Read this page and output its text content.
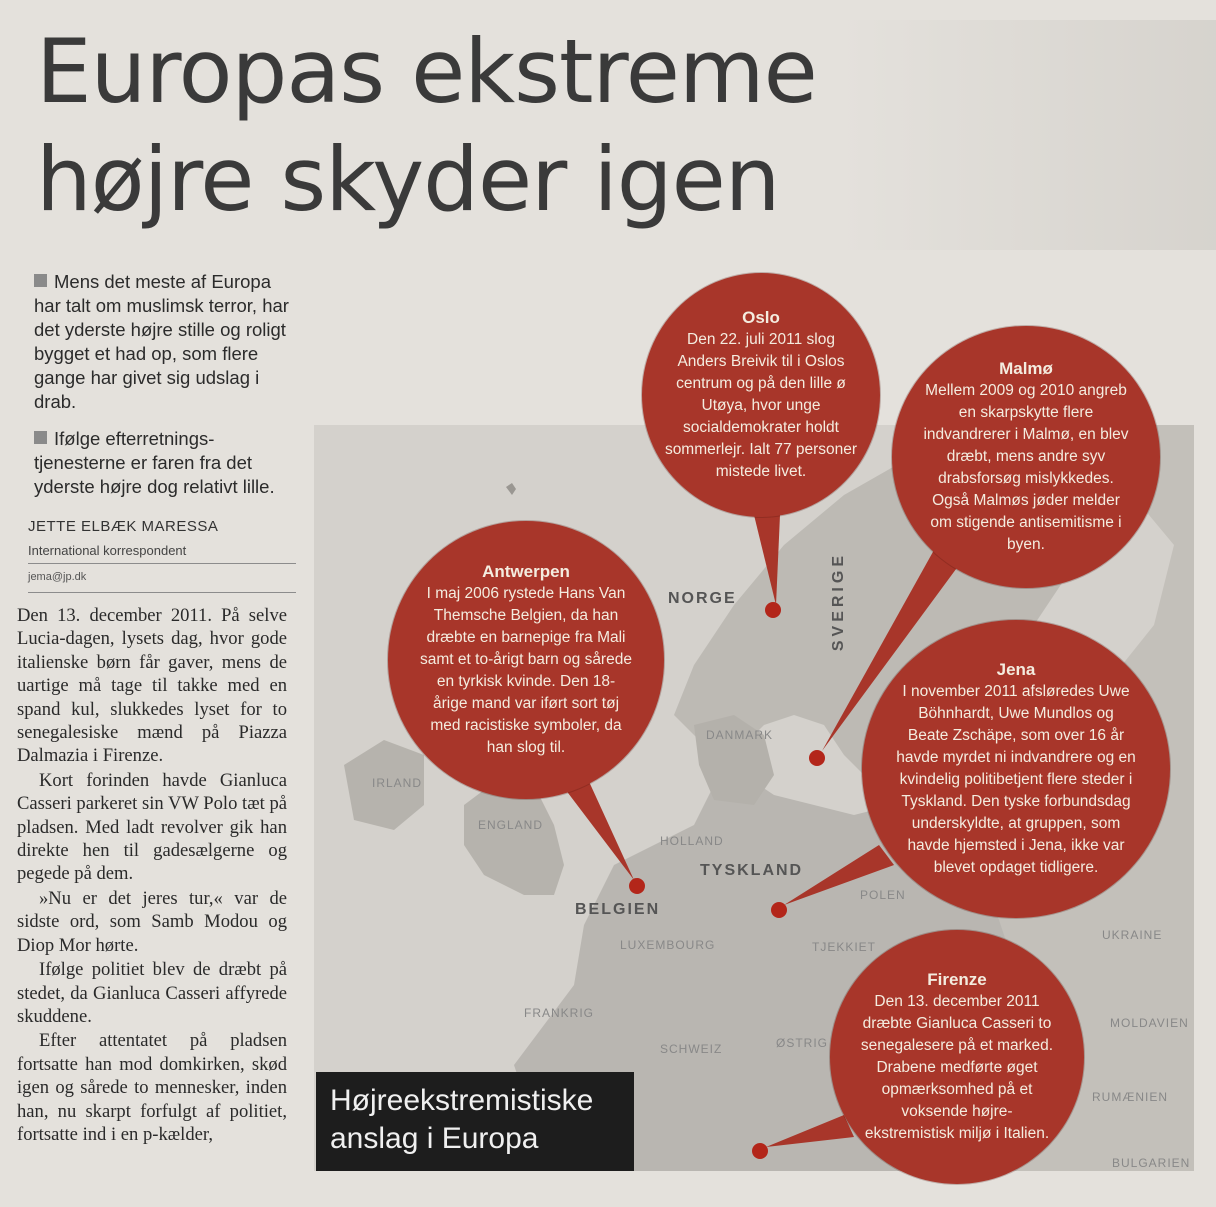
Europas ekstreme
højre skyder igen
Mens det meste af Europa har talt om muslimsk terror, har det yderste højre stille og roligt bygget et had op, som flere gange har givet sig udslag i drab.
Ifølge efterretnings-tjenesterne er faren fra det yderste højre dog relativt lille.
JETTE ELBÆK MARESSA
International korrespondent
jema@jp.dk

Den 13. december 2011. På selve Lucia-dagen, lysets dag, hvor gode italienske børn får gaver, mens de uartige må tage til takke med en spand kul, slukkedes lyset for to senegalesiske mænd på Piazza Dalmazia i Firenze.

Kort forinden havde Gianluca Casseri parkeret sin VW Polo tæt på pladsen. Med ladt revolver gik han direkte hen til gadesælgerne og pegede på dem.

»Nu er det jeres tur,« var de sidste ord, som Samb Modou og Diop Mor hørte.

Ifølge politiet blev de dræbt på stedet, da Gianluca Casseri affyrede skuddene.

Efter attentatet på pladsen fortsatte han mod domkirken, skød igen og sårede to mennesker, inden han, nu skarpt forfulgt af politiet, fortsatte ind i en p-kælder,

NORGE	SVERIGE
DANMARK
IRLAND
ENGLAND
HOLLAND
BELGIEN
TYSKLAND
POLEN
LUXEMBOURG	TJEKKIET
FRANKRIG
SCHWEIZ	ØSTRIG
UKRAINE
MOLDAVIEN
RUMÆNIEN
BULGARIEN
Oslo
Den 22. juli 2011 slog Anders Breivik til i Oslos centrum og på den lille ø Utøya, hvor unge socialdemokrater holdt sommerlejr. Ialt 77 personer mistede livet.
Malmø
Mellem 2009 og 2010 angreb en skarpskytte flere indvandrerer i Malmø, en blev dræbt, mens andre syv drabsforsøg mislykkedes. Også Malmøs jøder melder om stigende antisemitisme i byen.
Antwerpen
I maj 2006 rystede Hans Van Themsche Belgien, da han dræbte en barnepige fra Mali samt et to-årigt barn og sårede en tyrkisk kvinde. Den 18-årige mand var iført sort tøj med racistiske symboler, da han slog til.
Jena
I november 2011 afsløredes Uwe Böhnhardt, Uwe Mundlos og Beate Zschäpe, som over 16 år havde myrdet ni indvandrere og en kvindelig politibetjent flere steder i Tyskland. Den tyske forbundsdag underskyldte, at gruppen, som havde hjemsted i Jena, ikke var blevet opdaget tidligere.
Firenze
Den 13. december 2011 dræbte Gianluca Casseri to senegalesere på et marked. Drabene medførte øget opmærksomhed på et voksende højre-ekstremistisk miljø i Italien.
Højreekstremistiske
anslag i Europa
